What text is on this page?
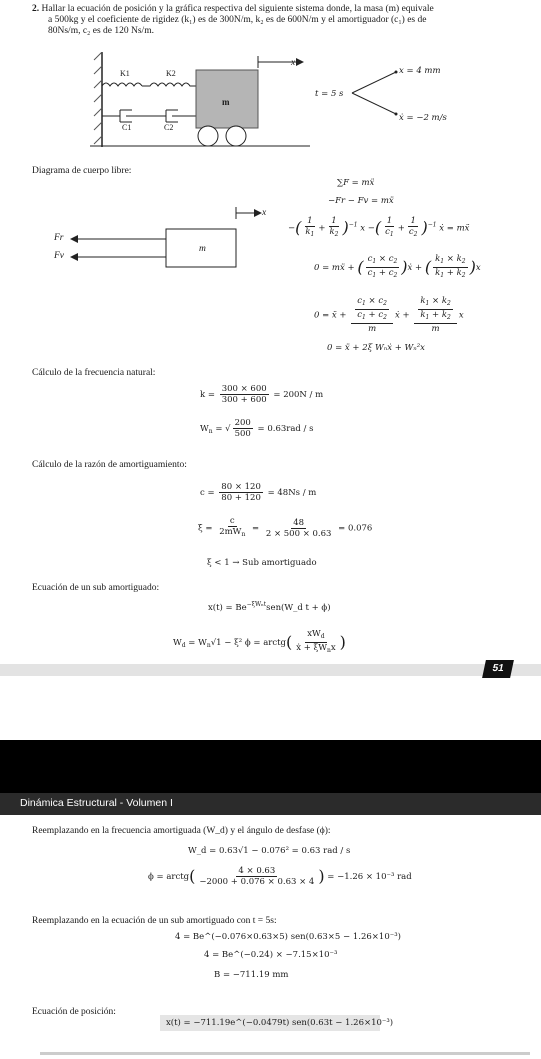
2. Hallar la ecuación de posición y la gráfica respectiva del siguiente sistema donde, la masa (m) equivale
a 500kg y el coeficiente de rigidez (k₁) es de 300N/m, k₂ es de 600N/m y el amortiguador (c₁) es de
80Ns/m, c₂ es de 120 Ns/m.
K1	K2
C1	C2
m
x
t = 5 s
x = 4 mm
ẋ = −2 m/s
Diagrama de cuerpo libre:
Fr
Fv
m
x
∑F = mẍ
−Fr − Fv = mẍ
−( $\frac{1}{k_1} + \frac{1}{k_2} )^{-1}$ x −( $\frac{1}{c_1} + \frac{1}{c_2} )^{-1}$ ẋ = mẍ
0 = mẍ + ( $\frac{c_1 \times c_2}{c_1 + c_2}$ )ẋ + ( $\frac{k_1 \times k_2}{k_1 + k_2} )x$
0 = ẍ + $\frac{\frac{c_1 \times c_2}{c_1 + c_2}}{m}$ ẋ + $\frac{\frac{k_1 \times k_2}{k_1 + k_2}}{m}$ x
0 = ẍ + 2ξ Wₙẋ + Wₙ²x
Cálculo de la frecuencia natural:
$k = \frac{300 \times 600}{300 + 600} = 200N / m$
$W_n$ = √ $\frac{200}{500} = 0.63rad / s$
Cálculo de la razón de amortiguamiento:
$c = \frac{80 \times 120}{80 + 120} = 48Ns / m$
$\xi = \frac{c}{2mW_n} = \frac{48}{2 \times 500 \times 0.63} = 0.076$
ξ < 1 → Sub amortiguado
Ecuación de un sub amortiguado:
$x(t) = Be^{-\xi W_nt}sen(W\_d$ t + ϕ)
$W_d = W_n√1 - \xi^2$ ϕ = arctg( $\frac{xW_d}{ẋ + \xi W_nx}$ )
51
Dinámica Estructural - Volumen I
Reemplazando en la frecuencia amortiguada (W_d) y el ángulo de desfase (ϕ):
W_d = 0.63√1 − 0.076² = 0.63 rad / s
ϕ = arctg( $\frac{4 \times 0.63}{-2000 + 0.076 \times 0.63 \times 4}$ ) = −1.26 × 10⁻³ rad
Reemplazando en la ecuación de un sub amortiguado con t = 5s:
4 = Be^(−0.076×0.63×5) sen(0.63×5 − 1.26×10⁻³)
4 = Be^(−0.24) × −7.15×10⁻³
B = −711.19 mm
Ecuación de posición:
x(t) = −711.19e^(−0.0479t) sen(0.63t − 1.26×10⁻³)
